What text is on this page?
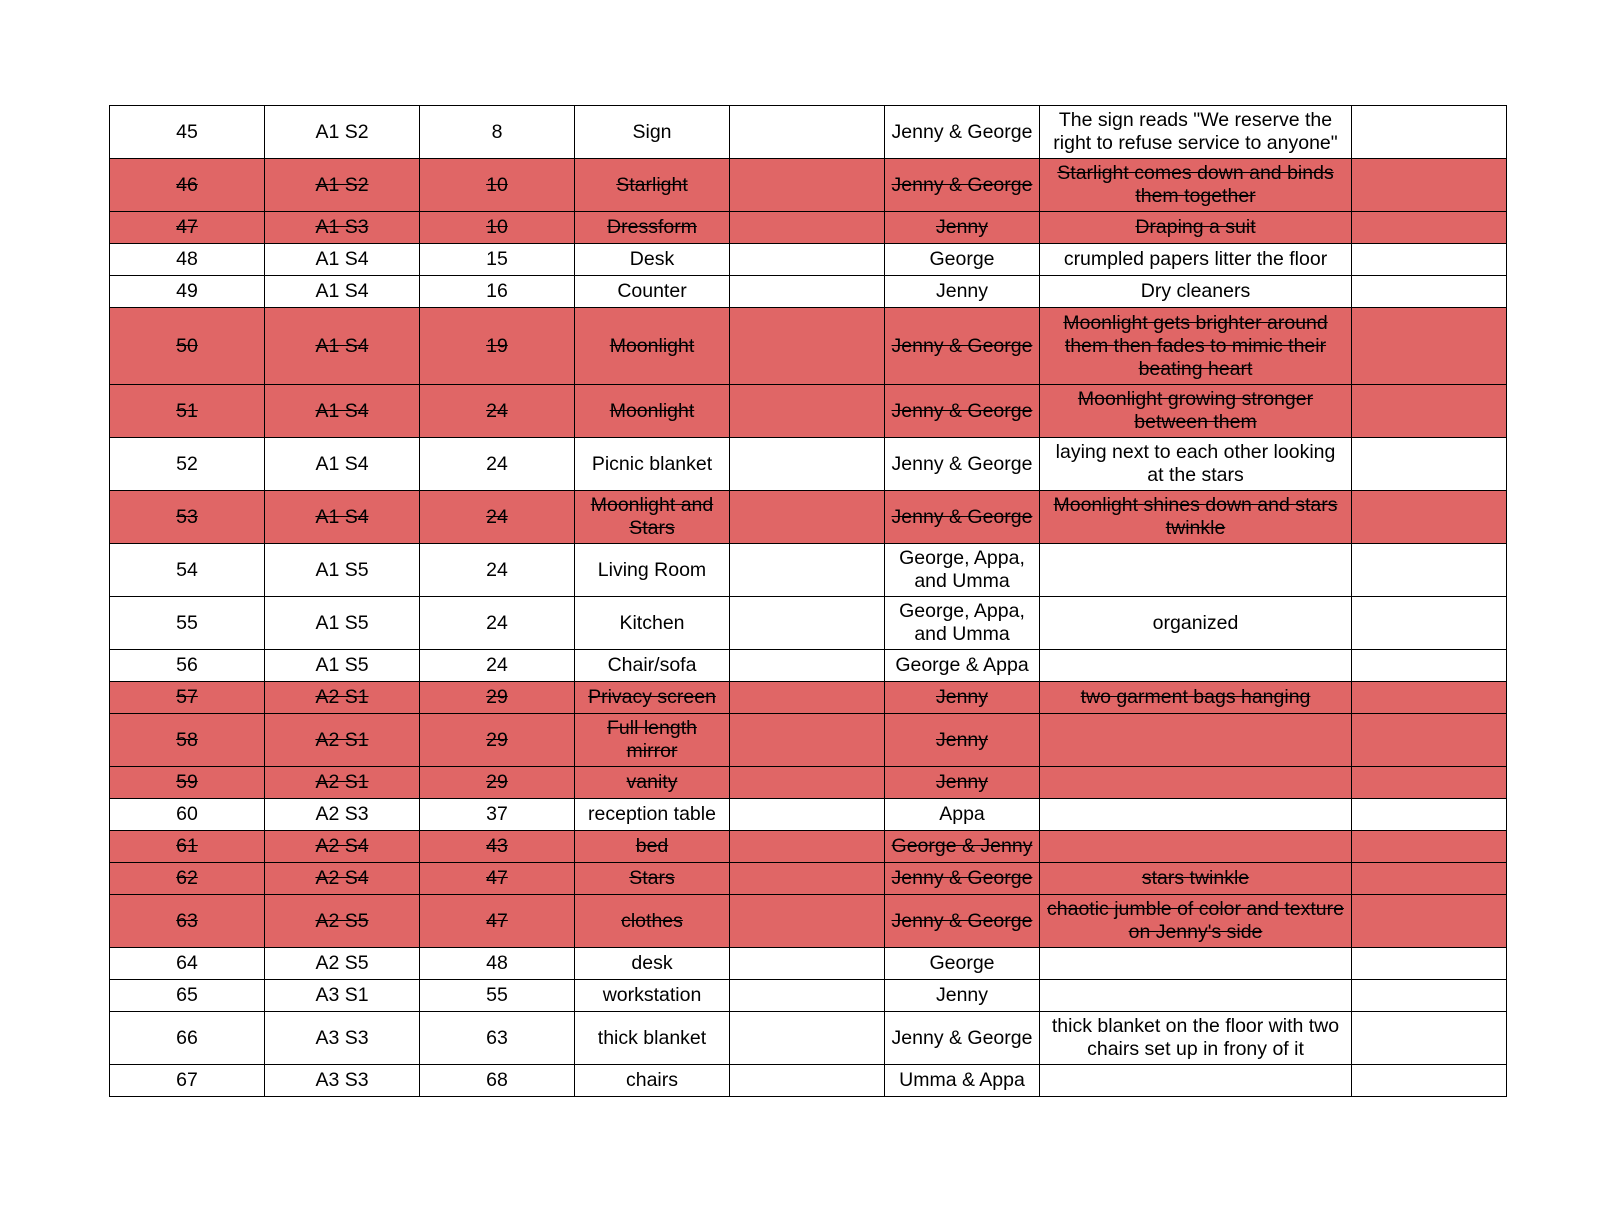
45	A1 S2	8	Sign		Jenny & George	The sign reads "We reserve the right to refuse service to anyone"	
46	A1 S2	10	Starlight		Jenny & George	Starlight comes down and binds them together	
47	A1 S3	10	Dressform		Jenny	Draping a suit	
48	A1 S4	15	Desk		George	crumpled papers litter the floor	
49	A1 S4	16	Counter		Jenny	Dry cleaners	
50	A1 S4	19	Moonlight		Jenny & George	Moonlight gets brighter around them then fades to mimic their beating heart	
51	A1 S4	24	Moonlight		Jenny & George	Moonlight growing stronger between them	
52	A1 S4	24	Picnic blanket		Jenny & George	laying next to each other looking at the stars	
53	A1 S4	24	Moonlight and Stars		Jenny & George	Moonlight shines down and stars twinkle	
54	A1 S5	24	Living Room		George, Appa, and Umma		
55	A1 S5	24	Kitchen		George, Appa, and Umma	organized	
56	A1 S5	24	Chair/sofa		George & Appa		
57	A2 S1	29	Privacy screen		Jenny	two garment bags hanging	
58	A2 S1	29	Full length mirror		Jenny		
59	A2 S1	29	vanity		Jenny		
60	A2 S3	37	reception table		Appa		
61	A2 S4	43	bed		George & Jenny		
62	A2 S4	47	Stars		Jenny & George	stars twinkle	
63	A2 S5	47	clothes		Jenny & George	chaotic jumble of color and texture on Jenny's side	
64	A2 S5	48	desk		George		
65	A3 S1	55	workstation		Jenny		
66	A3 S3	63	thick blanket		Jenny & George	thick blanket on the floor with two chairs set up in frony of it	
67	A3 S3	68	chairs		Umma & Appa		
